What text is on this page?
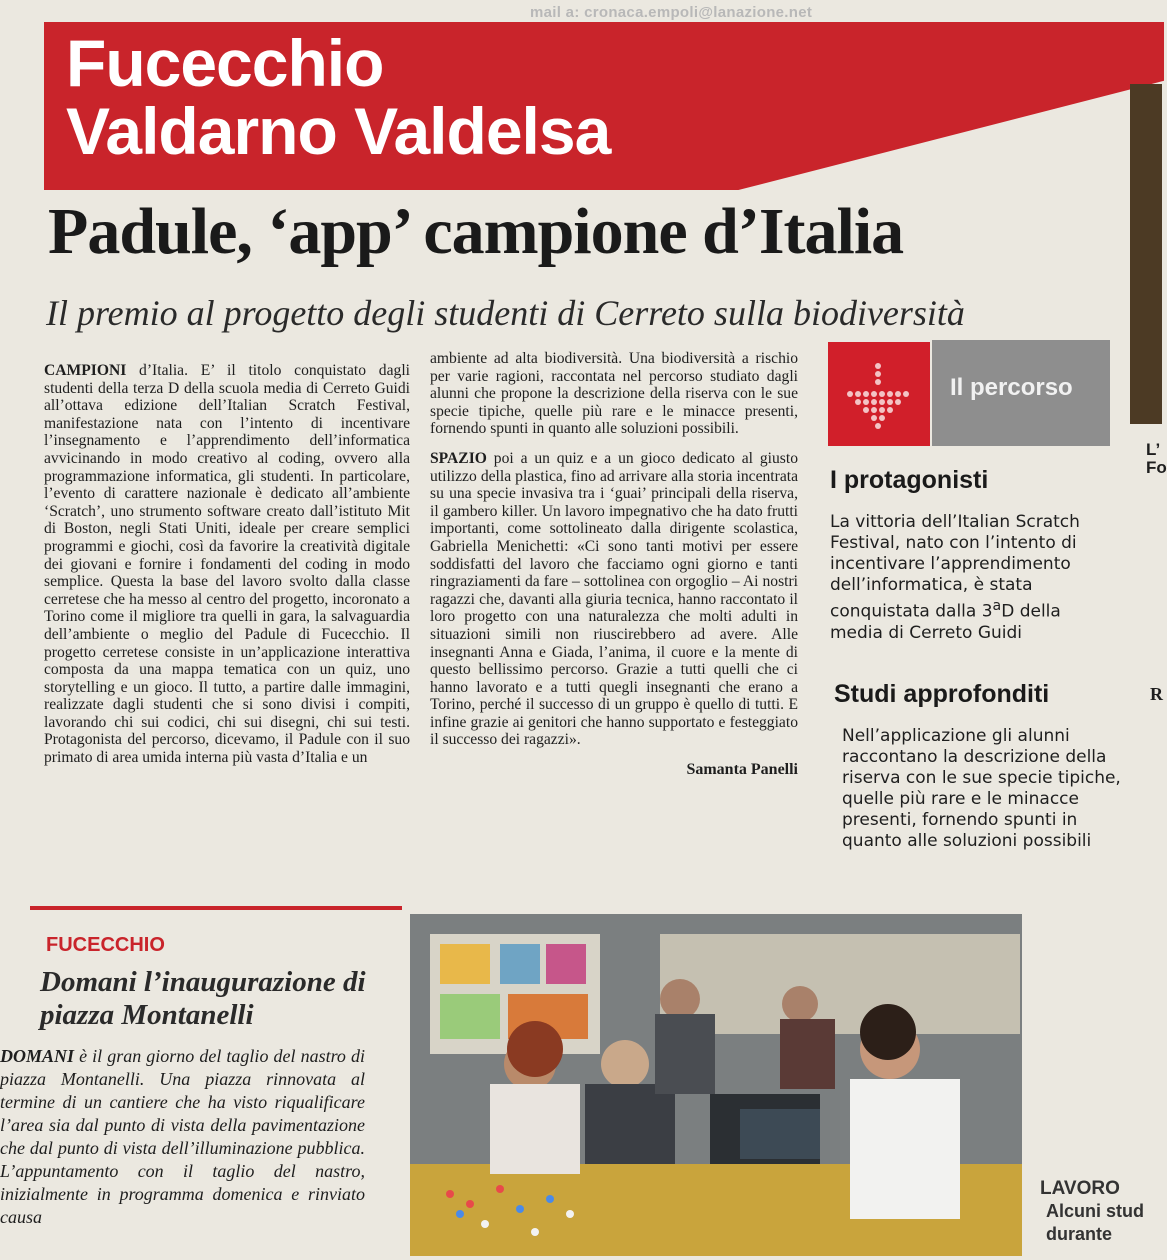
mail a: cronaca.empoli@lanazione.net
Fucecchio
Valdarno Valdelsa
Padule, ‘app’ campione d’Italia
Il premio al progetto degli studenti di Cerreto sulla biodiversità

CAMPIONI d’Italia. E’ il titolo conquistato dagli studenti della terza D della scuola media di Cerreto Guidi all’ottava edizione dell’Italian Scratch Festival, manifestazione nata con l’intento di incentivare l’insegnamento e l’apprendimento dell’informatica avvicinando in modo creativo al coding, ovvero alla programmazione informatica, gli studenti. In particolare, l’evento di carattere nazionale è dedicato all’ambiente ‘Scratch’, uno strumento software creato dall’istituto Mit di Boston, negli Stati Uniti, ideale per creare semplici programmi e giochi, così da favorire la creatività digitale dei giovani e fornire i fondamenti del coding in modo semplice. Questa la base del lavoro svolto dalla classe cerretese che ha messo al centro del progetto, incoronato a Torino come il migliore tra quelli in gara, la salvaguardia dell’ambiente o meglio del Padule di Fucecchio. Il progetto cerretese consiste in un’applicazione interattiva composta da una mappa tematica con un quiz, uno storytelling e un gioco. Il tutto, a partire dalle immagini, realizzate dagli studenti che si sono divisi i compiti, lavorando chi sui codici, chi sui disegni, chi sui testi. Protagonista del percorso, dicevamo, il Padule con il suo primato di area umida interna più vasta d’Italia e un

ambiente ad alta biodiversità. Una biodiversità a rischio per varie ragioni, raccontata nel percorso studiato dagli alunni che propone la descrizione della riserva con le sue specie tipiche, quelle più rare e le minacce presenti, fornendo spunti in quanto alle soluzioni possibili.

SPAZIO poi a un quiz e a un gioco dedicato al giusto utilizzo della plastica, fino ad arrivare alla storia incentrata su una specie invasiva tra i ‘guai’ principali della riserva, il gambero killer. Un lavoro impegnativo che ha dato frutti importanti, come sottolineato dalla dirigente scolastica, Gabriella Menichetti: «Ci sono tanti motivi per essere soddisfatti del lavoro che facciamo ogni giorno e tanti ringraziamenti da fare – sottolinea con orgoglio – Ai nostri ragazzi che, davanti alla giuria tecnica, hanno raccontato il loro progetto con una naturalezza che molti adulti in situazioni simili non riuscirebbero ad avere. Alle insegnanti Anna e Giada, l’anima, il cuore e la mente di questo bellissimo percorso. Grazie a tutti quelli che ci hanno lavorato e a tutti quegli insegnanti che erano a Torino, perché il successo di un gruppo è quello di tutti. E infine grazie ai genitori che hanno supportato e festeggiato il successo dei ragazzi».

Samanta Panelli
Il percorso
I protagonisti
La vittoria dell’Italian Scratch Festival, nato con l’intento di incentivare l’apprendimento dell’informatica, è stata conquistata dalla 3$^a$D della media di Cerreto Guidi
Studi approfonditi
Nell’applicazione gli alunni raccontano la descrizione della riserva con le sue specie tipiche, quelle più rare e le minacce presenti, fornendo spunti in quanto alle soluzioni possibili
L’
Fo
R
FUCECCHIO
Domani l’inaugurazione di piazza Montanelli
DOMANI è il gran giorno del taglio del nastro di piazza Montanelli. Una piazza rinnovata al termine di un cantiere che ha visto riqualificare l’area sia dal punto di vista della pavimentazione che dal punto di vista dell’illuminazione pubblica. L’appuntamento con il taglio del nastro, inizialmente in programma domenica e rinviato causa
LAVORO
Alcuni stud durante
